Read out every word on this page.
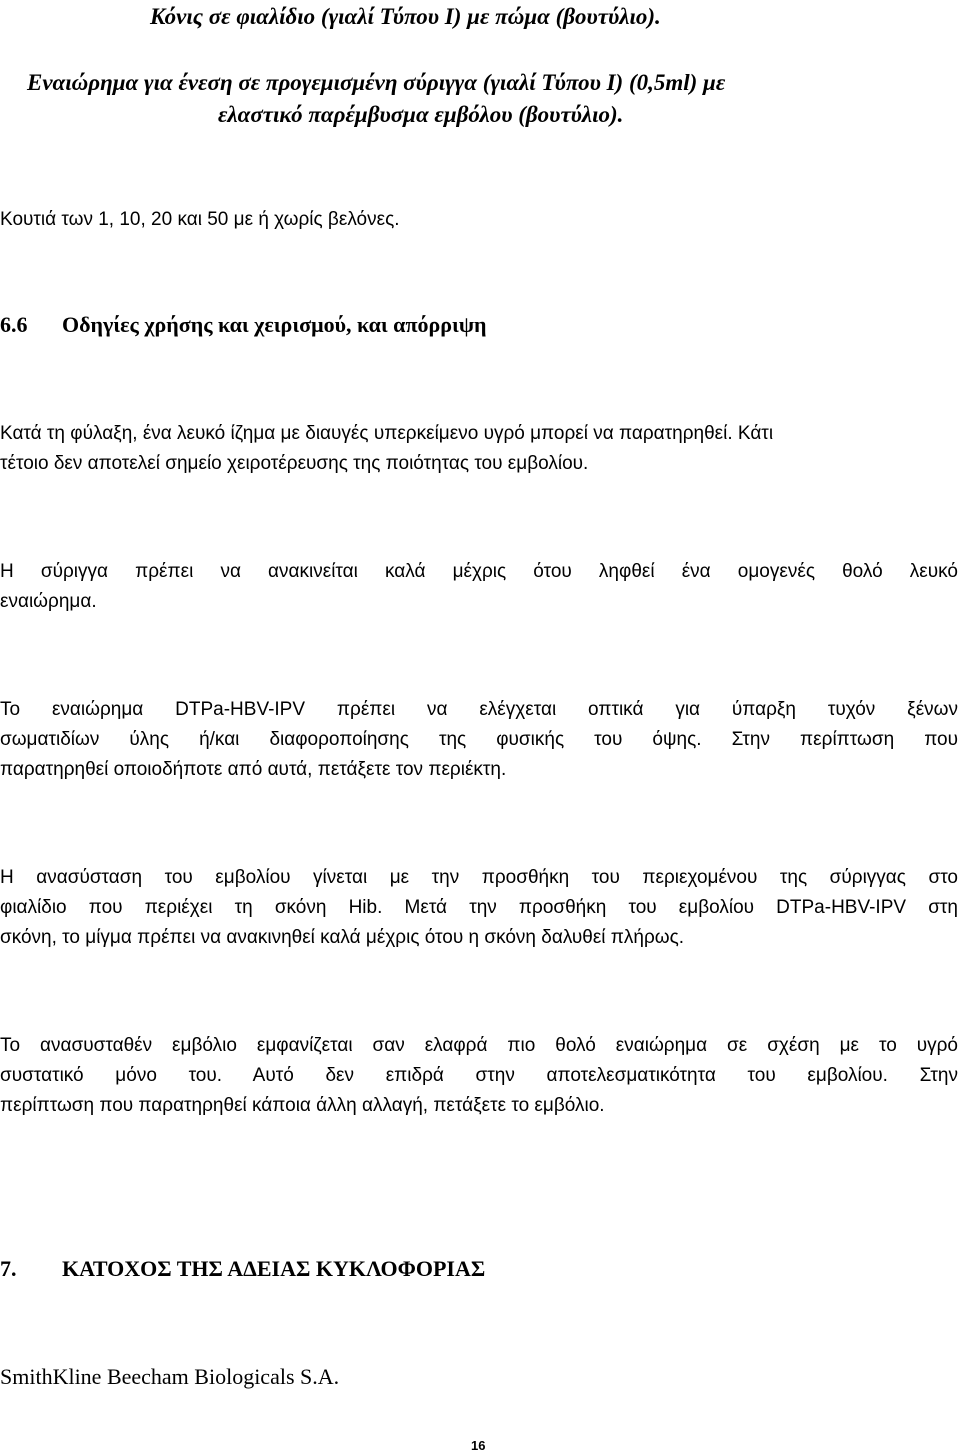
Κόνις σε φιαλίδιο (γιαλί Τύπου Ι) με πώμα (βουτύλιο).
Εναιώρημα για ένεση σε προγεμισμένη σύριγγα (γιαλί Τύπου Ι) (0,5ml) με
ελαστικό παρέμβυσμα εμβόλου (βουτύλιο).
Κουτιά των 1, 10, 20 και 50 με ή χωρίς βελόνες.
6.6 Οδηγίες χρήσης και χειρισμού, και απόρριψη
Κατά τη φύλαξη, ένα λευκό ίζημα με διαυγές υπερκείμενο υγρό μπορεί να παρατηρηθεί. Κάτι
τέτοιο δεν αποτελεί σημείο χειροτέρευσης της ποιότητας του εμβολίου.
Η σύριγγα πρέπει να ανακινείται καλά μέχρις ότου ληφθεί ένα ομογενές θολό λευκό
εναιώρημα.
Το εναιώρημα DTPa-HBV-IPV πρέπει να ελέγχεται οπτικά για ύπαρξη τυχόν ξένων
σωματιδίων ύλης ή/και διαφοροποίησης της φυσικής του όψης. Στην περίπτωση που
παρατηρηθεί οποιοδήποτε από αυτά, πετάξετε τον περιέκτη.
Η ανασύσταση του εμβολίου γίνεται με την προσθήκη του περιεχομένου της σύριγγας στο
φιαλίδιο που περιέχει τη σκόνη Hib. Μετά την προσθήκη του εμβολίου DTPa-HBV-IPV στη
σκόνη, το μίγμα πρέπει να ανακινηθεί καλά μέχρις ότου η σκόνη δαλυθεί πλήρως.
Το ανασυσταθέν εμβόλιο εμφανίζεται σαν ελαφρά πιο θολό εναιώρημα σε σχέση με το υγρό
συστατικό μόνο του. Αυτό δεν επιδρά στην αποτελεσματικότητα του εμβολίου. Στην
περίπτωση που παρατηρηθεί κάποια άλλη αλλαγή, πετάξετε το εμβόλιο.
7. ΚΑΤΟΧΟΣ ΤΗΣ ΑΔΕΙΑΣ ΚΥΚΛΟΦΟΡΙΑΣ
SmithKline Beecham Biologicals S.A.
16
